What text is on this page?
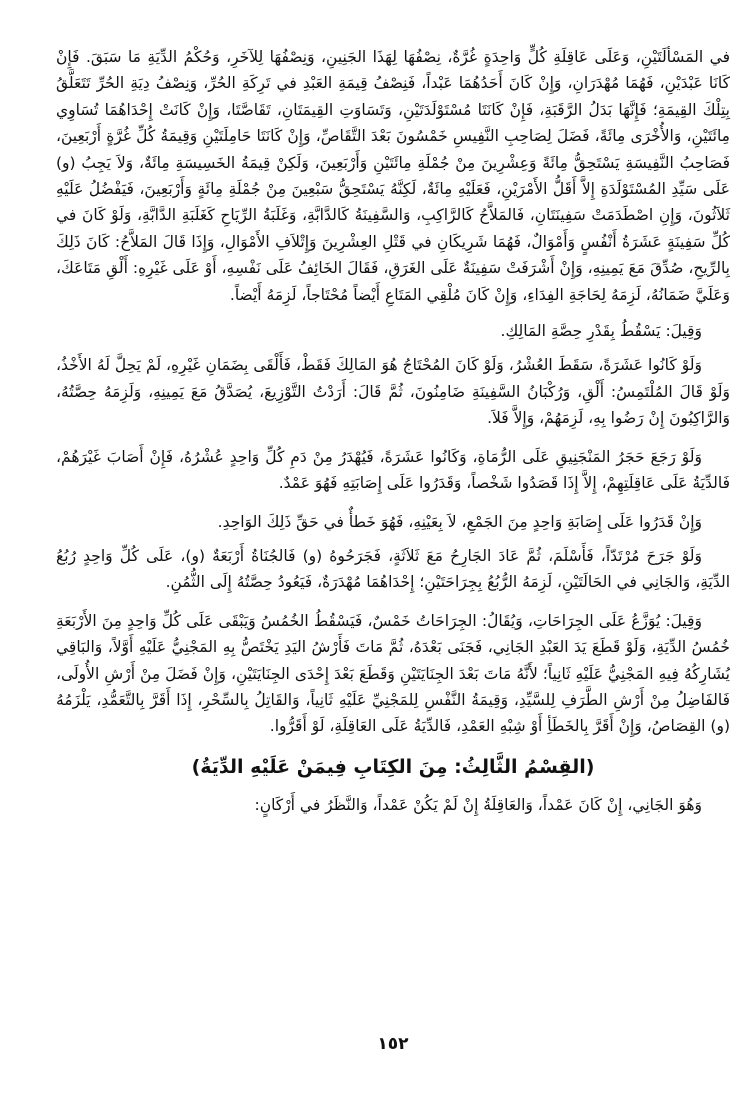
في المَسْألَتَيْنِ، وَعَلَى عَاقِلَةِ كُلٍّ وَاحِدَةٍ غُرَّةٌ، نِصْفُهَا لِهَذَا الجَنِينِ، وَنِصْفُهَا لِلآخَرِ، وَحُكْمُ الدِّيَةِ مَا سَبَقَ. فَإِنْ كَانَا عَبْدَيْنِ، فَهُمَا مُهْدَرَانِ، وَإِنْ كَانَ أَحَدُهُمَا عَبْداً، فَنِصْفُ قِيمَةِ العَبْدِ في تَرِكَةِ الحُرِّ، وَنِصْفُ دِيَةِ الحُرِّ تَتَعَلَّقُ بِتِلْكَ القِيمَةِ؛ فَإِنَّهَا بَدَلُ الرَّقَبَةِ، فَإِنْ كَانَتَا مُسْتَوْلَدَتَيْنِ، وَتَسَاوَتِ القِيمَتَانِ، تَقَاصَّتَا، وَإِنْ كَانَتْ إِحْدَاهُمَا تُسَاوِي مِائَتَيْنِ، وَالأُخْرَى مِائَةً، فَضَلَ لِصَاحِبِ النَّفِيسِ خَمْسُونَ بَعْدَ التَّقَاصِّ، وَإِنْ كَانَتَا حَامِلَتَيْنِ وَقِيمَةُ كُلِّ غُرَّةٍ أَرْبَعِينَ، فَصَاحِبُ النَّفِيسَةِ يَسْتَحِقُّ مِائَةً وَعِشْرِينَ مِنْ جُمْلَةِ مِائَتَيْنِ وَأَرْبَعِينَ، وَلَكِنْ قِيمَةُ الخَسِيسَةِ مِائَةٌ، وَلاَ يَجِبُ (و) عَلَى سَيِّدِ المُسْتَوْلَدَةِ إِلاَّ أَقَلُّ الأَمْرَيْنِ، فَعَلَيْهِ مِائَةٌ، لَكِنَّهُ يَسْتَحِقُّ سَبْعِينَ مِنْ جُمْلَةِ مِائَةٍ وَأَرْبَعِينَ، فَيَفْضُلُ عَلَيْهِ ثَلاَثُونَ، وَإِنِ اصْطَدَمَتْ سَفِينَتَانِ، فَالمَلاَّحُ كَالرَّاكِبِ، وَالسَّفِينَةُ كَالدَّابَّةِ، وَغَلَبَةُ الرِّيَاحِ كَغَلَبَةِ الدَّابَّةِ، وَلَوْ كَانَ في كُلِّ سَفِينَةٍ عَشَرَةُ أَنْفُسٍ وَأَمْوَالٌ، فَهُمَا شَرِيكَانِ في قَتْلِ العِشْرِينَ وَإِتْلاَفِ الأَمْوَالِ، وَإِذَا قَالَ المَلاَّحُ: كَانَ ذَلِكَ بِالرِّيحِ، صُدِّقَ مَعَ يَمِينِهِ، وَإِنْ أَشْرَفَتْ سَفِينَةٌ عَلَى الغَرَقِ، فَقَالَ الخَائِفُ عَلَى نَفْسِهِ، أَوْ عَلَى غَيْرِهِ: أَلْقِ مَتَاعَكَ، وَعَلَيَّ ضَمَانُهُ، لَزِمَهُ لِحَاجَةِ الفِدَاءِ، وَإِنْ كَانَ مُلْقِي المَتَاعِ أَيْضاً مُحْتَاجاً، لَزِمَهُ أَيْضاً.

وَقِيلَ: يَسْقُطُ بِقَدْرِ حِصَّةِ المَالِكِ.

وَلَوْ كَانُوا عَشَرَةً، سَقَطَ العُشْرُ، وَلَوْ كَانَ المُحْتَاجُ هُوَ المَالِكَ فَقَطْ، فَأَلْقَى بِضَمَانِ غَيْرِهِ، لَمْ يَحِلَّ لَهُ الأَخْذُ، وَلَوْ قَالَ المُلْتَمِسُ: أَلْقِ، وَرُكْبَانُ السَّفِينَةِ ضَامِنُونَ، ثُمَّ قَالَ: أَرَدْتُ التَّوْزِيعَ، يُصَدَّقُ مَعَ يَمِينِهِ، وَلَزِمَهُ حِصَّتُهُ، وَالرَّاكِبُونَ إِنْ رَضُوا بِهِ، لَزِمَهُمْ، وَإِلاَّ فَلاَ.

وَلَوْ رَجَعَ حَجَرُ المَنْجَنِيقِ عَلَى الرُّمَاةِ، وَكَانُوا عَشَرَةً، فَيُهْدَرُ مِنْ دَمِ كُلِّ وَاحِدٍ عُشْرُهُ، فَإِنْ أَصَابَ غَيْرَهُمْ، فَالدِّيَةُ عَلَى عَاقِلَتِهِمْ، إِلاَّ إِذَا قَصَدُوا شَخْصاً، وَقَدَرُوا عَلَى إِصَابَتِهِ فَهُوَ عَمْدٌ.

وَإِنْ قَدَرُوا عَلَى إِصَابَةِ وَاحِدٍ مِنَ الجَمْعِ، لاَ بِعَيْنِهِ، فَهُوَ خَطأٌ في حَقِّ ذَلِكَ الوَاحِدِ.

وَلَوْ جَرَحَ مُرْتَدّاً، فَأَسْلَمَ، ثُمَّ عَادَ الجَارِحُ مَعَ ثَلاَثَةٍ، فَجَرَحُوهُ (و) فَالجُنَاةُ أَرْبَعَةٌ (و)، عَلَى كُلِّ وَاحِدٍ رُبُعُ الدِّيَةِ، وَالجَانِي في الحَالَتَيْنِ، لَزِمَهُ الرُّبُعُ بِجِرَاحَتَيْنِ؛ إِحْدَاهُمَا مُهْدَرَةٌ، فَيَعُودُ حِصَّتُهُ إِلَى الثُّمُنِ.

وَقِيلَ: يُوَزَّعُ عَلَى الجِرَاحَاتِ، وَيُقَالُ: الجِرَاحَاتُ خَمْسٌ، فَيَسْقُطُ الخُمُسُ وَيَبْقَى عَلَى كُلِّ وَاحِدٍ مِنَ الأَرْبَعَةِ خُمُسُ الدِّيَةِ، وَلَوْ قَطَعَ يَدَ العَبْدِ الجَانِي، فَجَنَى بَعْدَهُ، ثُمَّ مَاتَ فَأَرْشُ اليَدِ يَخْتَصُّ بِهِ المَجْنِيُّ عَلَيْهِ أَوَّلاً، وَالبَاقِي يُشَارِكُهُ فِيهِ المَجْنِيُّ عَلَيْهِ ثَانِياً؛ لأَنَّهُ مَاتَ بَعْدَ الجِنَايَتَيْنِ وَقَطَعَ بَعْدَ إِحْدَى الجِنَايَتَيْنِ، وَإِنْ فَضَلَ مِنْ أَرْشِ الأُولَى، فَالفَاضِلُ مِنْ أَرْشِ الطَّرَفِ لِلسَّيِّدِ، وَقِيمَةُ النَّفْسِ لِلمَجْنِيِّ عَلَيْهِ ثَانِياً، وَالقَاتِلُ بِالسِّحْرِ، إِذَا أَقَرَّ بِالتَّعَمُّدِ، يَلْزَمُهُ (و) القِصَاصُ، وَإِنْ أَقَرَّ بِالخَطَأِ أَوْ شِبْهِ العَمْدِ، فَالدِّيَةُ عَلَى العَاقِلَةِ، لَوْ أَقَرُّوا.

(القِسْمُ الثَّالِثُ: مِنَ الكِتَابِ فِيمَنْ عَلَيْهِ الدِّيَةُ)

وَهُوَ الجَانِي، إِنْ كَانَ عَمْداً، وَالعَاقِلَةُ إِنْ لَمْ يَكُنْ عَمْداً، وَالنَّظَرُ في أَرْكَانٍ:

١٥٢
